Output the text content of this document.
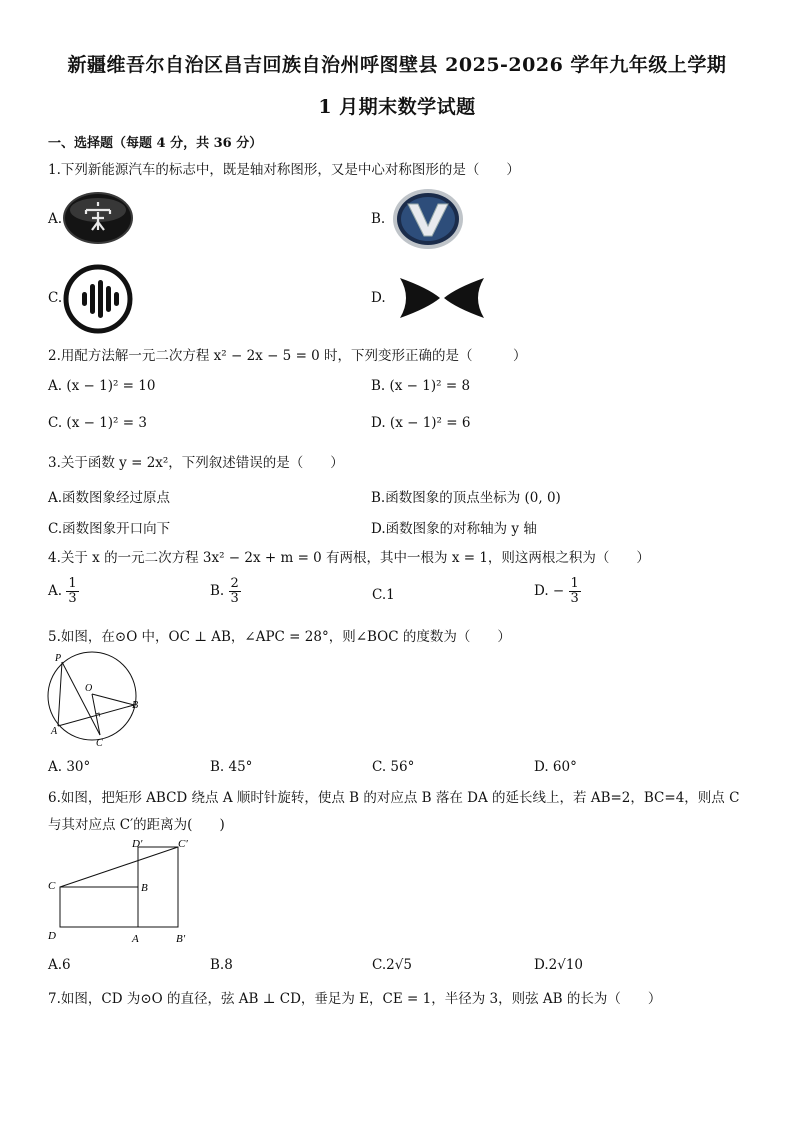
新疆维吾尔自治区昌吉回族自治州呼图壁县 2025-2026 学年九年级上学期
1 月期末数学试题
一、选择题（每题 4 分，共 36 分）
1.下列新能源汽车的标志中，既是轴对称图形，又是中心对称图形的是（　　）
A.	B.
C.	D.
2.用配方法解一元二次方程 x² − 2x − 5 = 0 时，下列变形正确的是（　　　）
A. (x − 1)² = 10	B. (x − 1)² = 8
C. (x − 1)² = 3	D. (x − 1)² = 6
3.关于函数 y = 2x²，下列叙述错误的是（　　）
A.函数图象经过原点	B.函数图象的顶点坐标为 (0, 0)
C.函数图象开口向下	D.函数图象的对称轴为 y 轴
4.关于 x 的一元二次方程 3x² − 2x + m = 0 有两根，其中一根为 x = 1，则这两根之积为（　　）
A. $\frac{1}{3}$	B. $\frac{2}{3}$	C.1	D. − $\frac{1}{3}$
5.如图，在⊙O 中，OC ⊥ AB，∠APC = 28°，则∠BOC 的度数为（　　）
P
O
B
A
C
A. 30°	B. 45°	C. 56°	D. 60°
6.如图，把矩形 ABCD 绕点 A 顺时针旋转，使点 B 的对应点 B 落在 DA 的延长线上，若 AB=2，BC=4，则点 C
与其对应点 C′的距离为(　　)
D′	C′
C	B
D	A	B′
A.6	B.8	C.2√5	D.2√10
7.如图，CD 为⊙O 的直径，弦 AB ⊥ CD，垂足为 E，CE = 1，半径为 3，则弦 AB 的长为（　　）
